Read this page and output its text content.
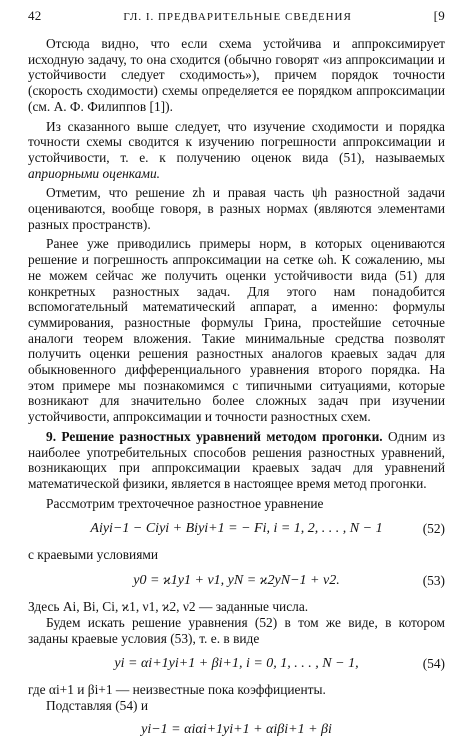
42	ГЛ. I. ПРЕДВАРИТЕЛЬНЫЕ СВЕДЕНИЯ	[9

Отсюда видно, что если схема устойчива и аппроксимирует исходную задачу, то она сходится (обычно говорят «из аппроксимации и устойчивости следует сходимость»), причем порядок точности (скорость сходимости) схемы определяется ее порядком аппроксимации (см. А. Ф. Филиппов [1]).

Из сказанного выше следует, что изучение сходимости и порядка точности схемы сводится к изучению погрешности аппроксимации и устойчивости, т. е. к получению оценок вида (51), называемых априорными оценками.

Отметим, что решение zh и правая часть ψh разностной задачи оцениваются, вообще говоря, в разных нормах (являются элементами разных пространств).

Ранее уже приводились примеры норм, в которых оцениваются решение и погрешность аппроксимации на сетке ωh. К сожалению, мы не можем сейчас же получить оценки устойчивости вида (51) для конкретных разностных задач. Для этого нам понадобится вспомогательный математический аппарат, а именно: формулы суммирования, разностные формулы Грина, простейшие сеточные аналоги теорем вложения. Такие минимальные средства позволят получить оценки решения разностных аналогов краевых задач для обыкновенного дифференциального уравнения второго порядка. На этом примере мы познакомимся с типичными ситуациями, которые возникают для значительно более сложных задач при изучении устойчивости, аппроксимации и точности разностных схем.

9. Решение разностных уравнений методом прогонки. Одним из наиболее употребительных способов решения разностных уравнений, возникающих при аппроксимации краевых задач для уравнений математической физики, является в настоящее время метод прогонки.

Рассмотрим трехточечное разностное уравнение

Aiyi−1 − Ciyi + Biyi+1 = − Fi, i = 1, 2, . . . , N − 1	(52)

с краевыми условиями

y0 = ϰ1y1 + ν1, yN = ϰ2yN−1 + ν2.	(53)

Здесь Ai, Bi, Ci, ϰ1, ν1, ϰ2, ν2 — заданные числа.

Будем искать решение уравнения (52) в том же виде, в котором заданы краевые условия (53), т. е. в виде

yi = αi+1yi+1 + βi+1, i = 0, 1, . . . , N − 1,	(54)

где αi+1 и βi+1 — неизвестные пока коэффициенты.

Подставляя (54) и

yi−1 = αiαi+1yi+1 + αiβi+1 + βi
